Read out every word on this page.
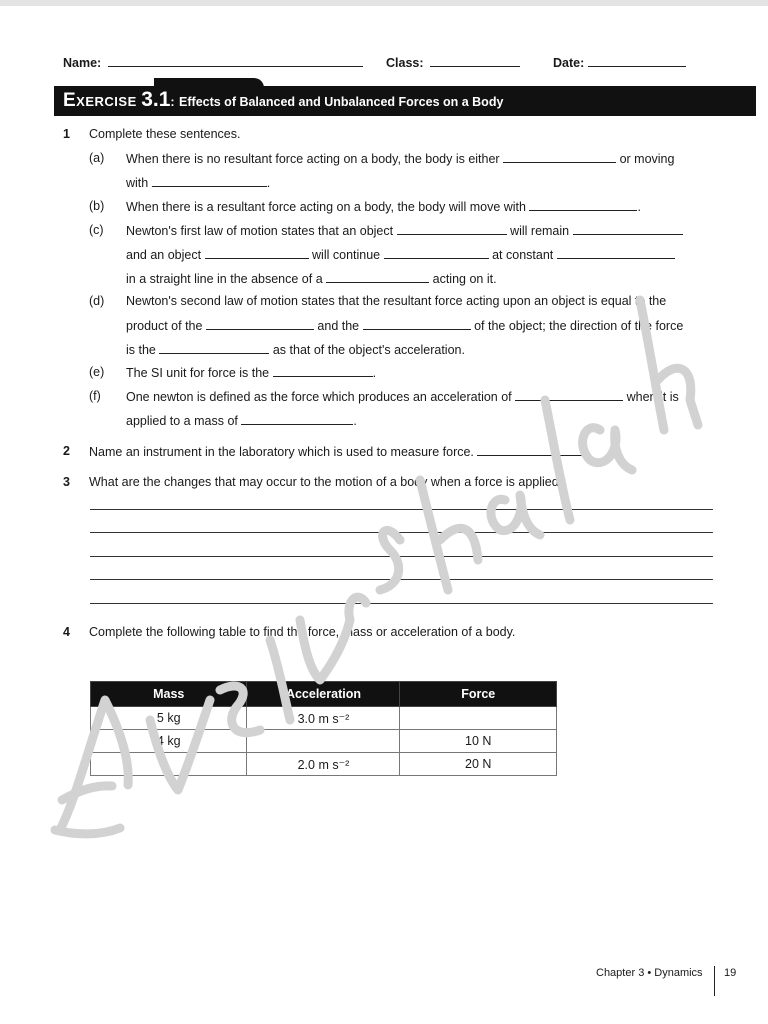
Name:	Class:	Date:
Exercise 3.1: Effects of Balanced and Unbalanced Forces on a Body
1 Complete these sentences.
(a) When there is no resultant force acting on a body, the body is either	or moving
with	.
(b) When there is a resultant force acting on a body, the body will move with	.
(c) Newton's first law of motion states that an object	will remain
and an object	will continue	at constant
in a straight line in the absence of a	acting on it.
(d) Newton's second law of motion states that the resultant force acting upon an object is equal to the
product of the	and the	of the object; the direction of the force
is the	as that of the object's acceleration.
(e) The SI unit for force is the	.
(f) One newton is defined as the force which produces an acceleration of	when it is
applied to a mass of	.
2 Name an instrument in the laboratory which is used to measure force.
3 What are the changes that may occur to the motion of a body when a force is applied?
4 Complete the following table to find the force, mass or acceleration of a body.
Mass	Acceleration	Force
5 kg	3.0 m s⁻²	
4 kg		10 N
	2.0 m s⁻²	20 N
Chapter 3 • Dynamics 19
